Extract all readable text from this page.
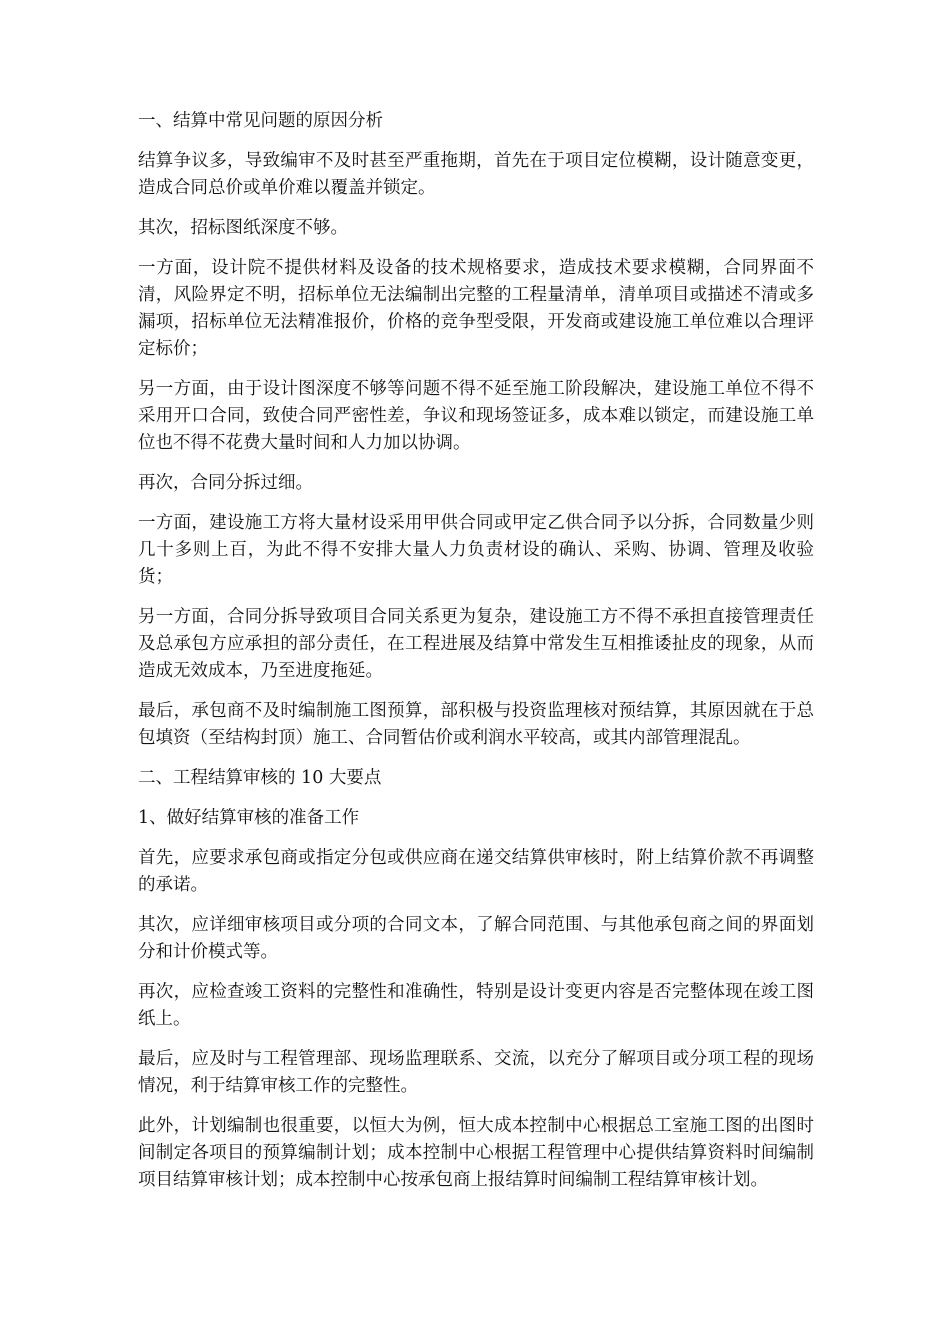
一、结算中常见问题的原因分析

结算争议多，导致编审不及时甚至严重拖期，首先在于项目定位模糊，设计随意变更，造成合同总价或单价难以覆盖并锁定。

其次，招标图纸深度不够。

一方面，设计院不提供材料及设备的技术规格要求，造成技术要求模糊，合同界面不清，风险界定不明，招标单位无法编制出完整的工程量清单，清单项目或描述不清或多漏项，招标单位无法精准报价，价格的竞争型受限，开发商或建设施工单位难以合理评定标价；

另一方面，由于设计图深度不够等问题不得不延至施工阶段解决，建设施工单位不得不采用开口合同，致使合同严密性差，争议和现场签证多，成本难以锁定，而建设施工单位也不得不花费大量时间和人力加以协调。

再次，合同分拆过细。

一方面，建设施工方将大量材设采用甲供合同或甲定乙供合同予以分拆，合同数量少则几十多则上百，为此不得不安排大量人力负责材设的确认、采购、协调、管理及收验货；

另一方面，合同分拆导致项目合同关系更为复杂，建设施工方不得不承担直接管理责任及总承包方应承担的部分责任，在工程进展及结算中常发生互相推诿扯皮的现象，从而造成无效成本，乃至进度拖延。

最后，承包商不及时编制施工图预算，部积极与投资监理核对预结算，其原因就在于总包填资（至结构封顶）施工、合同暂估价或利润水平较高，或其内部管理混乱。

二、工程结算审核的 10 大要点

1、做好结算审核的准备工作

首先，应要求承包商或指定分包或供应商在递交结算供审核时，附上结算价款不再调整的承诺。

其次，应详细审核项目或分项的合同文本，了解合同范围、与其他承包商之间的界面划分和计价模式等。

再次，应检查竣工资料的完整性和准确性，特别是设计变更内容是否完整体现在竣工图纸上。

最后，应及时与工程管理部、现场监理联系、交流，以充分了解项目或分项工程的现场情况，利于结算审核工作的完整性。

此外，计划编制也很重要，以恒大为例，恒大成本控制中心根据总工室施工图的出图时间制定各项目的预算编制计划；成本控制中心根据工程管理中心提供结算资料时间编制项目结算审核计划；成本控制中心按承包商上报结算时间编制工程结算审核计划。
